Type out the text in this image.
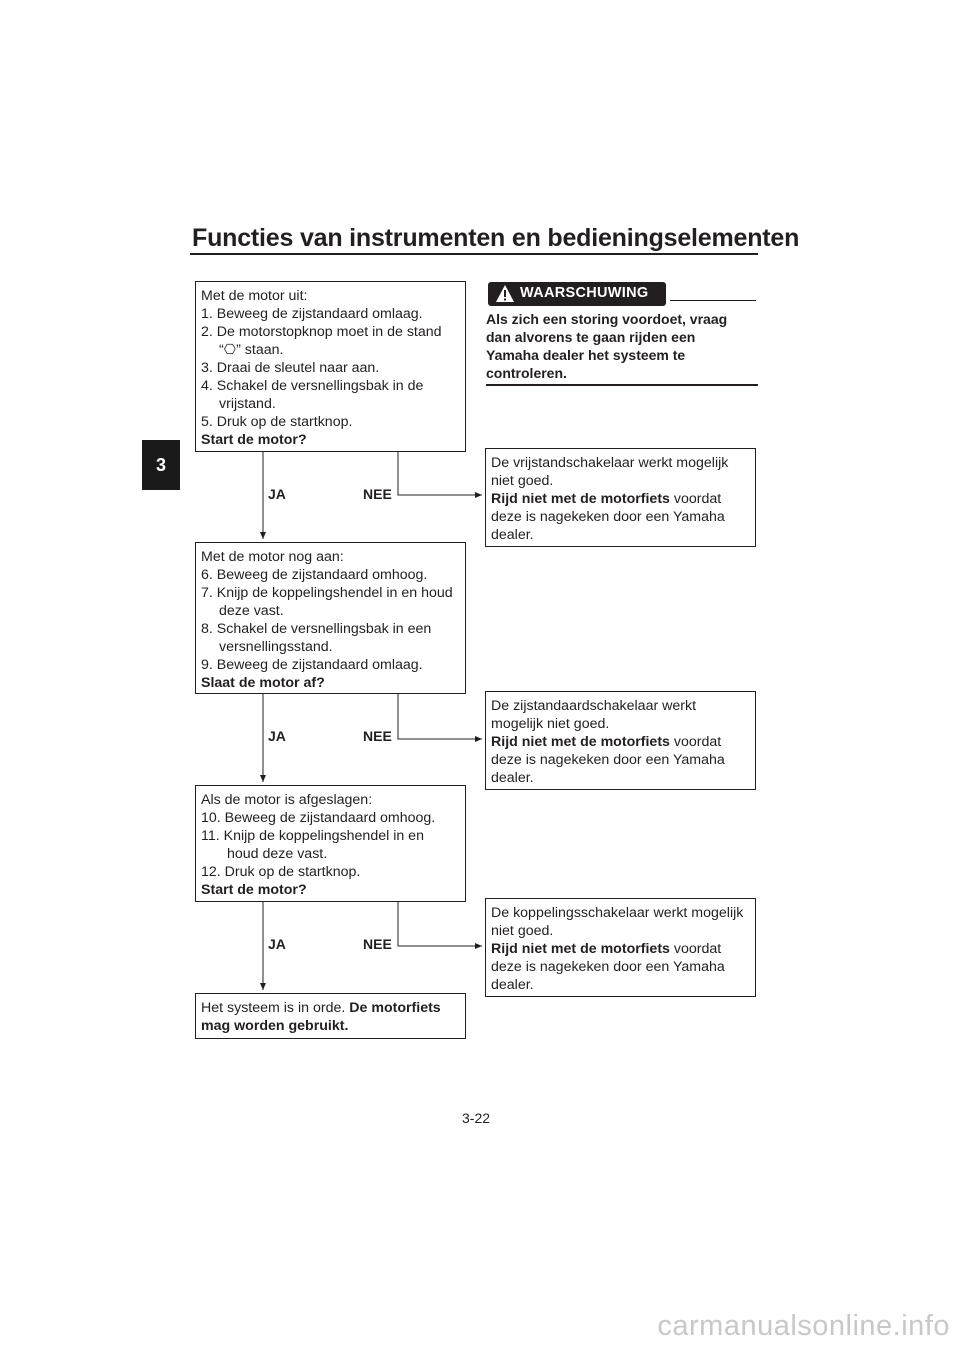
Functies van instrumenten en bedieningselementen
3
Met de motor uit:
1. Beweeg de zijstandaard omlaag.
2. De motorstopknop moet in de stand
“⎔” staan.
3. Draai de sleutel naar aan.
4. Schakel de versnellingsbak in de
vrijstand.
5. Druk op de startknop.
Start de motor?
Met de motor nog aan:
6. Beweeg de zijstandaard omhoog.
7. Knijp de koppelingshendel in en houd
deze vast.
8. Schakel de versnellingsbak in een
versnellingsstand.
9. Beweeg de zijstandaard omlaag.
Slaat de motor af?
Als de motor is afgeslagen:
10. Beweeg de zijstandaard omhoog.
11. Knijp de koppelingshendel in en
houd deze vast.
12. Druk op de startknop.
Start de motor?
Het systeem is in orde. De motorfiets
mag worden gebruikt.
De vrijstandschakelaar werkt mogelijk
niet goed.
Rijd niet met de motorfiets voordat
deze is nagekeken door een Yamaha
dealer.
De zijstandaardschakelaar werkt
mogelijk niet goed.
Rijd niet met de motorfiets voordat
deze is nagekeken door een Yamaha
dealer.
De koppelingsschakelaar werkt mogelijk
niet goed.
Rijd niet met de motorfiets voordat
deze is nagekeken door een Yamaha
dealer.
JA	NEE
JA	NEE
JA	NEE
WAARSCHUWING
Als zich een storing voordoet, vraag
dan alvorens te gaan rijden een
Yamaha dealer het systeem te
controleren.
3-22
carmanualsonline.info
